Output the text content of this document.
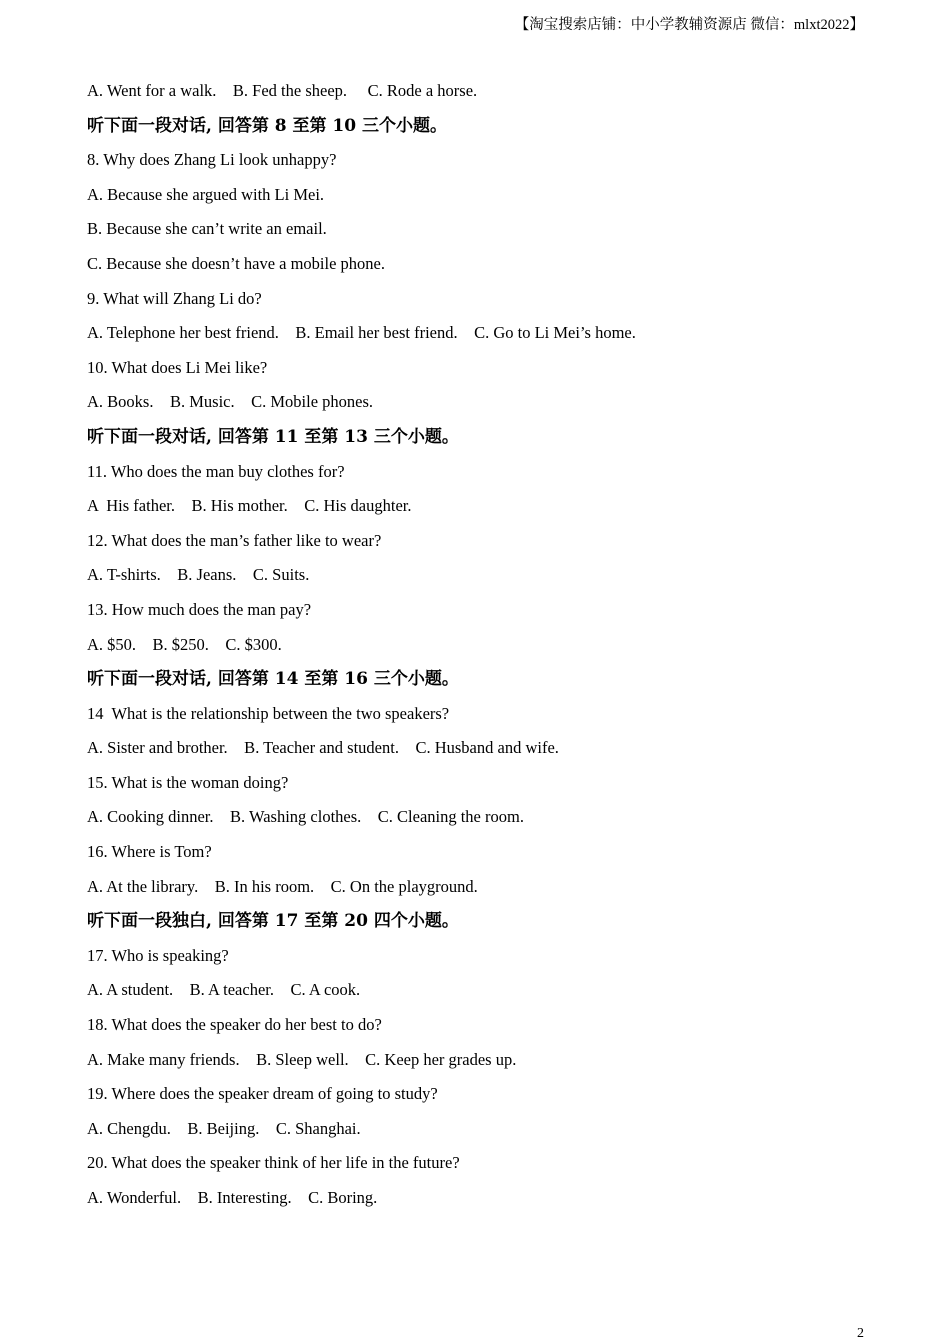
【淘宝搜索店铺：中小学教辅资源店 微信：mlxt2022】
A. Went for a walk.    B. Fed the sheep.     C. Rode a horse.
听下面一段对话, 回答第 8 至第 10 三个小题。
8. Why does Zhang Li look unhappy?
A. Because she argued with Li Mei.
B. Because she can’t write an email.
C. Because she doesn’t have a mobile phone.
9. What will Zhang Li do?
A. Telephone her best friend.    B. Email her best friend.    C. Go to Li Mei’s home.
10. What does Li Mei like?
A. Books.    B. Music.    C. Mobile phones.
听下面一段对话, 回答第 11 至第 13 三个小题。
11. Who does the man buy clothes for?
A  His father.    B. His mother.    C. His daughter.
12. What does the man’s father like to wear?
A. T-shirts.    B. Jeans.    C. Suits.
13. How much does the man pay?
A. $50.    B. $250.    C. $300.
听下面一段对话, 回答第 14 至第 16 三个小题。
14  What is the relationship between the two speakers?
A. Sister and brother.    B. Teacher and student.    C. Husband and wife.
15. What is the woman doing?
A. Cooking dinner.    B. Washing clothes.    C. Cleaning the room.
16. Where is Tom?
A. At the library.    B. In his room.    C. On the playground.
听下面一段独白, 回答第 17 至第 20 四个小题。
17. Who is speaking?
A. A student.    B. A teacher.    C. A cook.
18. What does the speaker do her best to do?
A. Make many friends.    B. Sleep well.    C. Keep her grades up.
19. Where does the speaker dream of going to study?
A. Chengdu.    B. Beijing.    C. Shanghai.
20. What does the speaker think of her life in the future?
A. Wonderful.    B. Interesting.    C. Boring.
2
